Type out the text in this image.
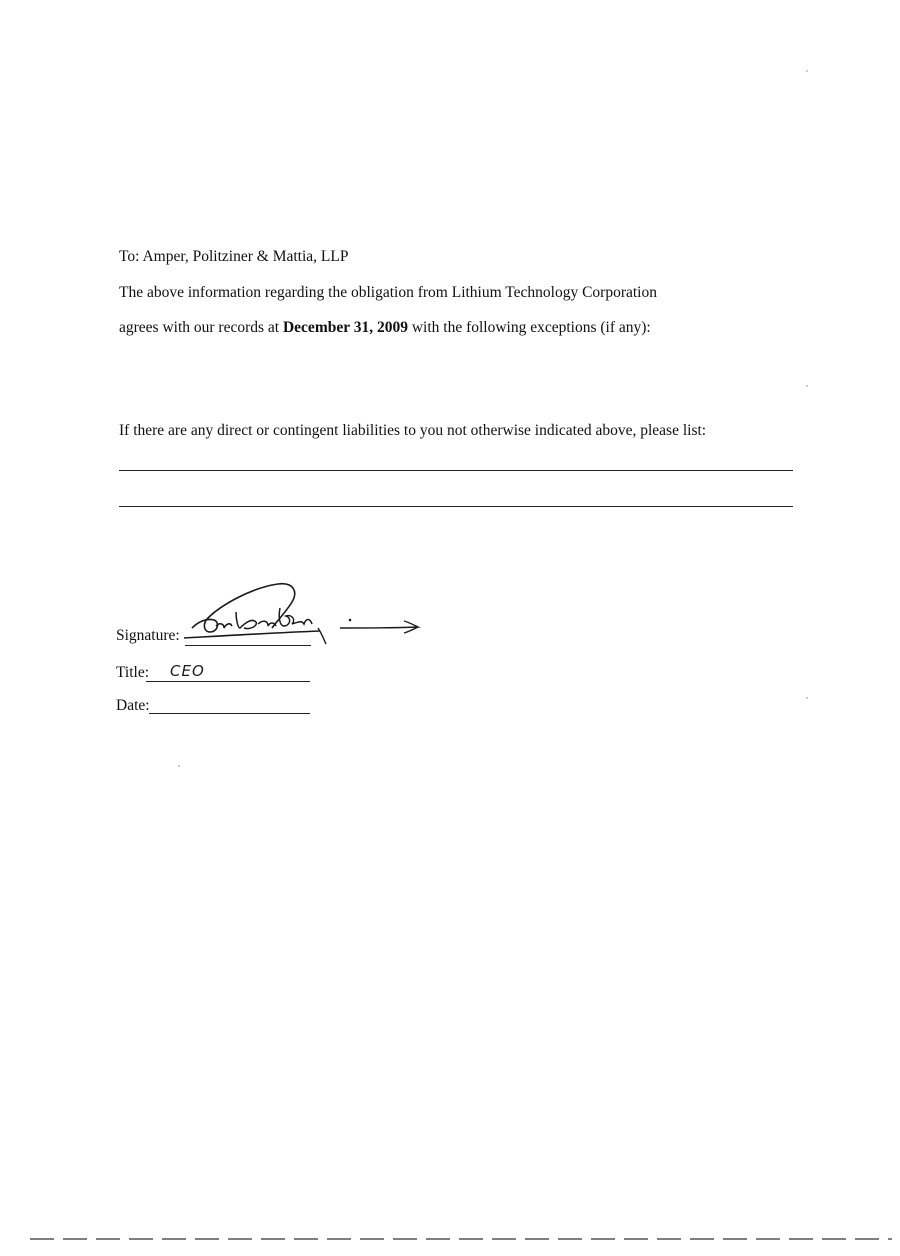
To: Amper, Politziner & Mattia, LLP
The above information regarding the obligation from Lithium Technology Corporation
agrees with our records at December 31, 2009 with the following exceptions (if any):
If there are any direct or contingent liabilities to you not otherwise indicated above, please list:
Signature:
Title: CEO
Date:
